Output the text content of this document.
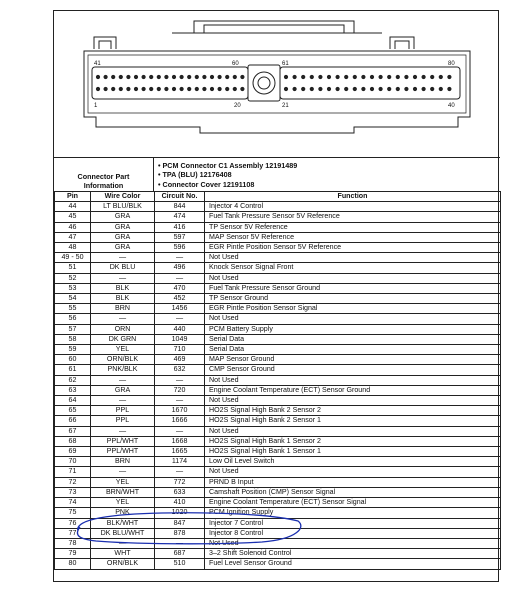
41	60	61	80
1	20	21	40
Connector Part
Information
• PCM Connector C1 Assembly 12191489
• TPA (BLU) 12176408
• Connector Cover 12191108
Pin	Wire Color	Circuit No.	Function
44	LT BLU/BLK	844	Injector 4 Control
45	GRA	474	Fuel Tank Pressure Sensor 5V Reference
46	GRA	416	TP Sensor 5V Reference
47	GRA	597	MAP Sensor 5V Reference
48	GRA	596	EGR Pintle Position Sensor 5V Reference
49 - 50	—	—	Not Used
51	DK BLU	496	Knock Sensor Signal Front
52	—	—	Not Used
53	BLK	470	Fuel Tank Pressure Sensor Ground
54	BLK	452	TP Sensor Ground
55	BRN	1456	EGR Pintle Position Sensor Signal
56	—	—	Not Used
57	ORN	440	PCM Battery Supply
58	DK GRN	1049	Serial Data
59	YEL	710	Serial Data
60	ORN/BLK	469	MAP Sensor Ground
61	PNK/BLK	632	CMP Sensor Ground
62	—	—	Not Used
63	GRA	720	Engine Coolant Temperature (ECT) Sensor Ground
64	—	—	Not Used
65	PPL	1670	HO2S Signal High Bank 2 Sensor 2
66	PPL	1666	HO2S Signal High Bank 2 Sensor 1
67	—	—	Not Used
68	PPL/WHT	1668	HO2S Signal High Bank 1 Sensor 2
69	PPL/WHT	1665	HO2S Signal High Bank 1 Sensor 1
70	BRN	1174	Low Oil Level Switch
71	—	—	Not Used
72	YEL	772	PRND B Input
73	BRN/WHT	633	Camshaft Position (CMP) Sensor Signal
74	YEL	410	Engine Coolant Temperature (ECT) Sensor Signal
75	PNK	1020	PCM Ignition Supply
76	BLK/WHT	847	Injector 7 Control
77	DK BLU/WHT	878	Injector 8 Control
78	—	—	Not Used
79	WHT	687	3–2 Shift Solenoid Control
80	ORN/BLK	510	Fuel Level Sensor Ground
